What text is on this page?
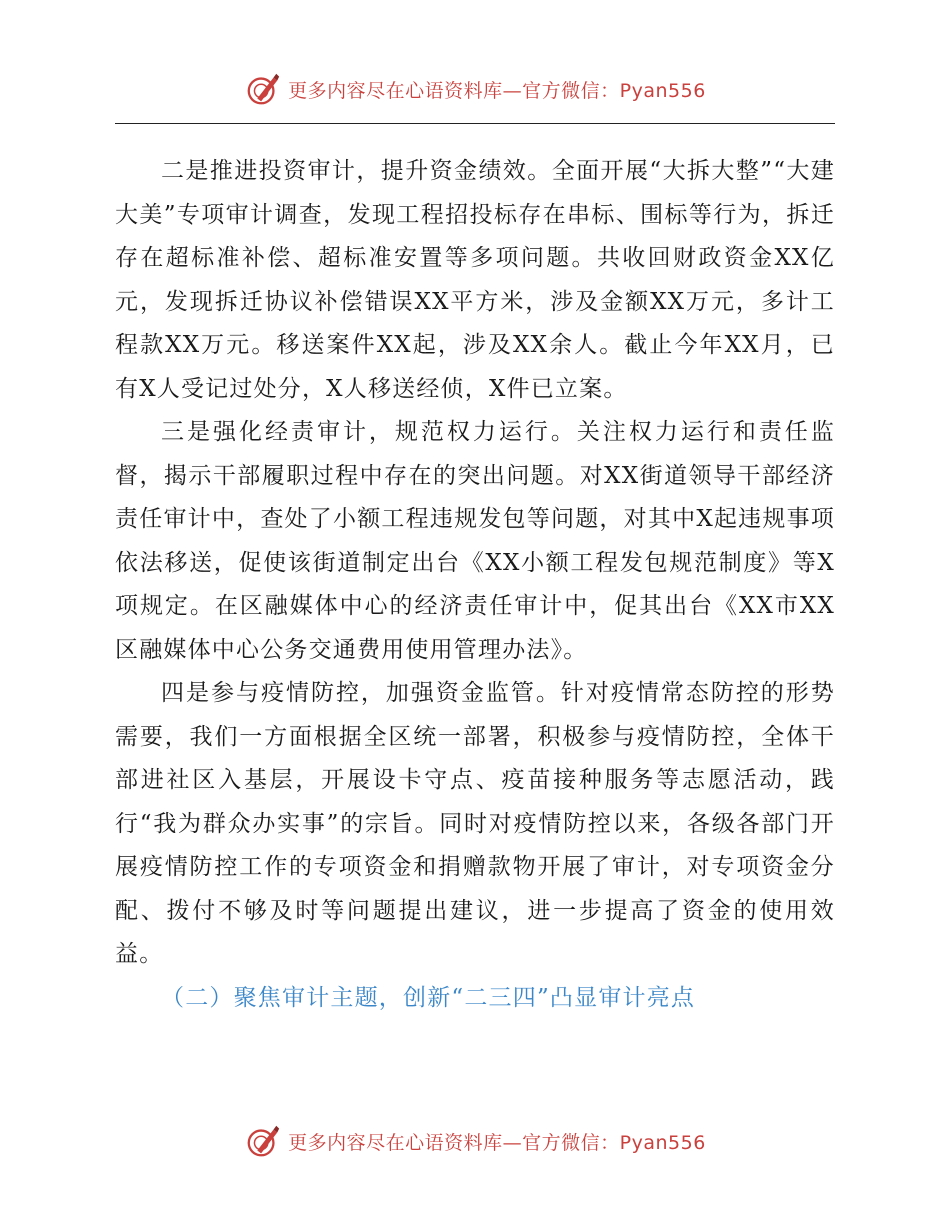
更多内容尽在心语资料库—官方微信：Pyan556

二是推进投资审计，提升资金绩效。全面开展“大拆大整”“大建大美”专项审计调查，发现工程招投标存在串标、围标等行为，拆迁存在超标准补偿、超标准安置等多项问题。共收回财政资金XX亿元，发现拆迁协议补偿错误XX平方米，涉及金额XX万元，多计工程款XX万元。移送案件XX起，涉及XX余人。截止今年XX月，已有X人受记过处分，X人移送经侦，X件已立案。

三是强化经责审计，规范权力运行。关注权力运行和责任监督，揭示干部履职过程中存在的突出问题。对XX街道领导干部经济责任审计中，查处了小额工程违规发包等问题，对其中X起违规事项依法移送，促使该街道制定出台《XX小额工程发包规范制度》等X项规定。在区融媒体中心的经济责任审计中，促其出台《XX市XX区融媒体中心公务交通费用使用管理办法》。

四是参与疫情防控，加强资金监管。针对疫情常态防控的形势需要，我们一方面根据全区统一部署，积极参与疫情防控，全体干部进社区入基层，开展设卡守点、疫苗接种服务等志愿活动，践行“我为群众办实事”的宗旨。同时对疫情防控以来，各级各部门开展疫情防控工作的专项资金和捐赠款物开展了审计，对专项资金分配、拨付不够及时等问题提出建议，进一步提高了资金的使用效益。

（二）聚焦审计主题，创新“二三四”凸显审计亮点

更多内容尽在心语资料库—官方微信：Pyan556
